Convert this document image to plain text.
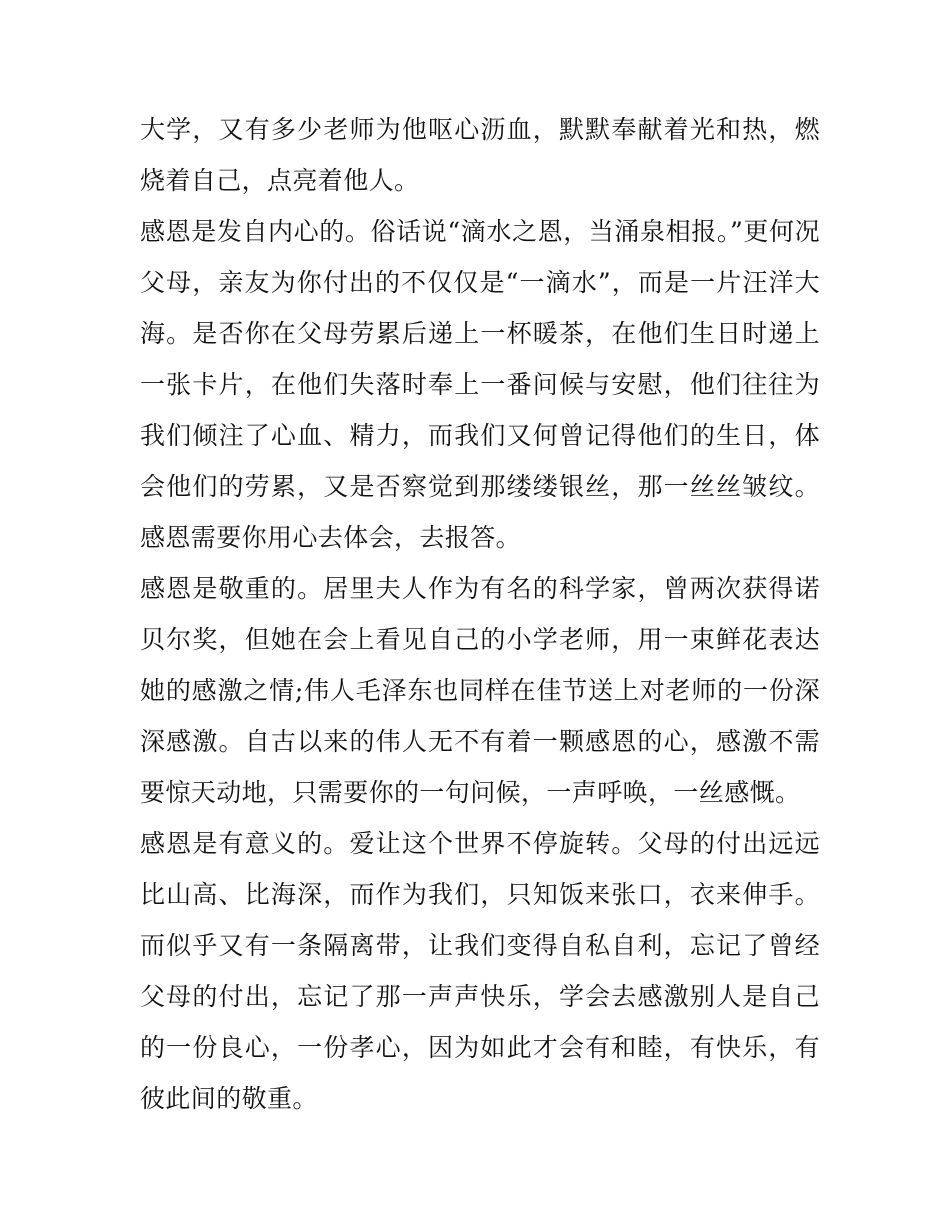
大学，又有多少老师为他呕心沥血，默默奉献着光和热，燃烧着自己，点亮着他人。

感恩是发自内心的。俗话说“滴水之恩，当涌泉相报。”更何况父母，亲友为你付出的不仅仅是“一滴水”，而是一片汪洋大海。是否你在父母劳累后递上一杯暖茶，在他们生日时递上一张卡片，在他们失落时奉上一番问候与安慰，他们往往为我们倾注了心血、精力，而我们又何曾记得他们的生日，体会他们的劳累，又是否察觉到那缕缕银丝，那一丝丝皱纹。感恩需要你用心去体会，去报答。

感恩是敬重的。居里夫人作为有名的科学家，曾两次获得诺贝尔奖，但她在会上看见自己的小学老师，用一束鲜花表达她的感激之情;伟人毛泽东也同样在佳节送上对老师的一份深深感激。自古以来的伟人无不有着一颗感恩的心，感激不需要惊天动地，只需要你的一句问候，一声呼唤，一丝感慨。

感恩是有意义的。爱让这个世界不停旋转。父母的付出远远比山高、比海深，而作为我们，只知饭来张口，衣来伸手。而似乎又有一条隔离带，让我们变得自私自利，忘记了曾经父母的付出，忘记了那一声声快乐，学会去感激别人是自己的一份良心，一份孝心，因为如此才会有和睦，有快乐，有彼此间的敬重。
